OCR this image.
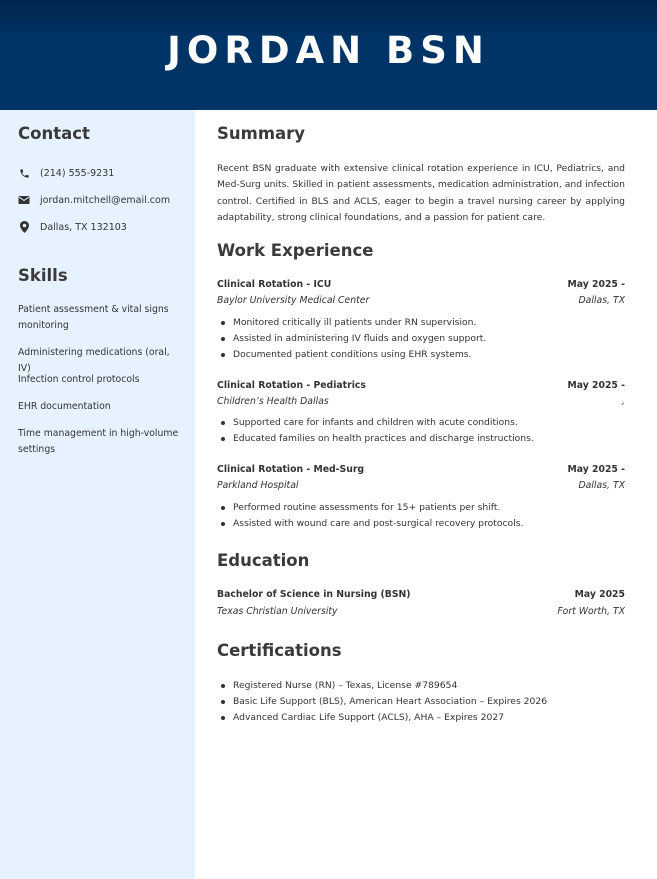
JORDAN BSN
Contact
(214) 555-9231
jordan.mitchell@email.com
Dallas, TX 132103
Skills
Patient assessment & vital signs monitoring
Administering medications (oral, IV)
Infection control protocols
EHR documentation
Time management in high-volume settings
Summary
Recent BSN graduate with extensive clinical rotation experience in ICU, Pediatrics, and Med-Surg units. Skilled in patient assessments, medication administration, and infection control. Certified in BLS and ACLS, eager to begin a travel nursing career by applying adaptability, strong clinical foundations, and a passion for patient care.
Work Experience
Clinical Rotation - ICU	May 2025 -
Baylor University Medical Center	Dallas, TX
Monitored critically ill patients under RN supervision.
Assisted in administering IV fluids and oxygen support.
Documented patient conditions using EHR systems.
Clinical Rotation - Pediatrics	May 2025 -
Children’s Health Dallas	,
Supported care for infants and children with acute conditions.
Educated families on health practices and discharge instructions.
Clinical Rotation - Med-Surg	May 2025 -
Parkland Hospital	Dallas, TX
Performed routine assessments for 15+ patients per shift.
Assisted with wound care and post-surgical recovery protocols.
Education
Bachelor of Science in Nursing (BSN)	May 2025
Texas Christian University	Fort Worth, TX
Certifications
Registered Nurse (RN) – Texas, License #789654
Basic Life Support (BLS), American Heart Association – Expires 2026
Advanced Cardiac Life Support (ACLS), AHA – Expires 2027
